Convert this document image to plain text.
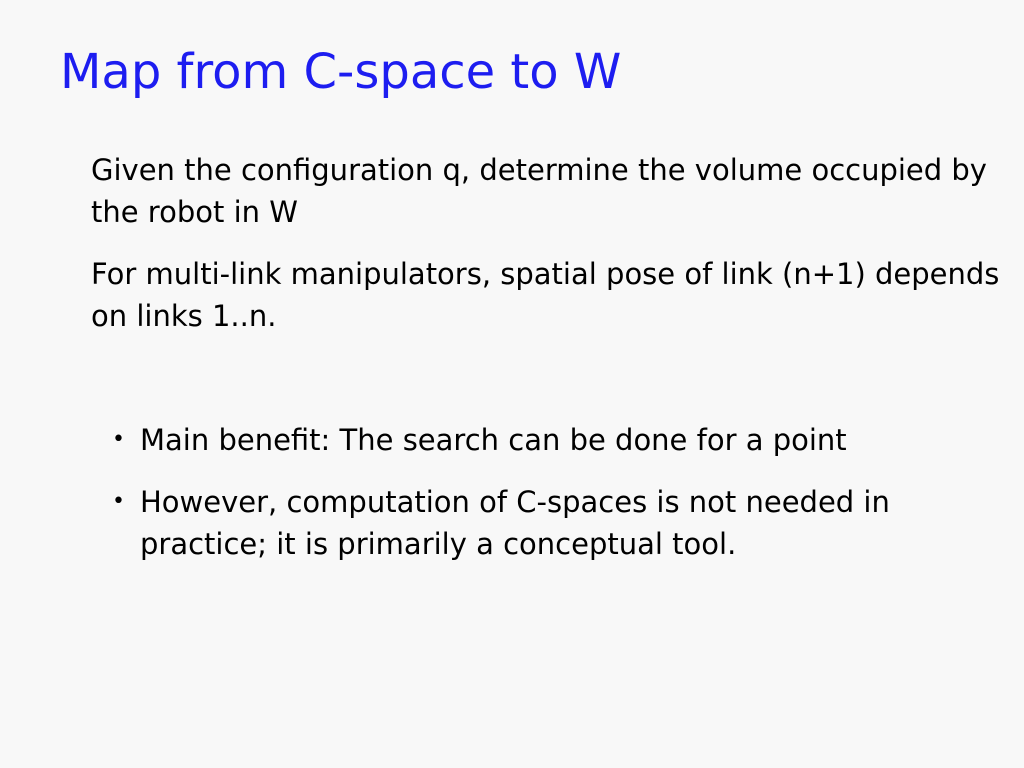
Map from C-space to W

Given the configuration q, determine the volume occupied by the robot in W

For multi-link manipulators, spatial pose of link (n+1) depends on links 1..n.

• Main benefit: The search can be done for a point
• However, computation of C-spaces is not needed in practice; it is primarily a conceptual tool.
